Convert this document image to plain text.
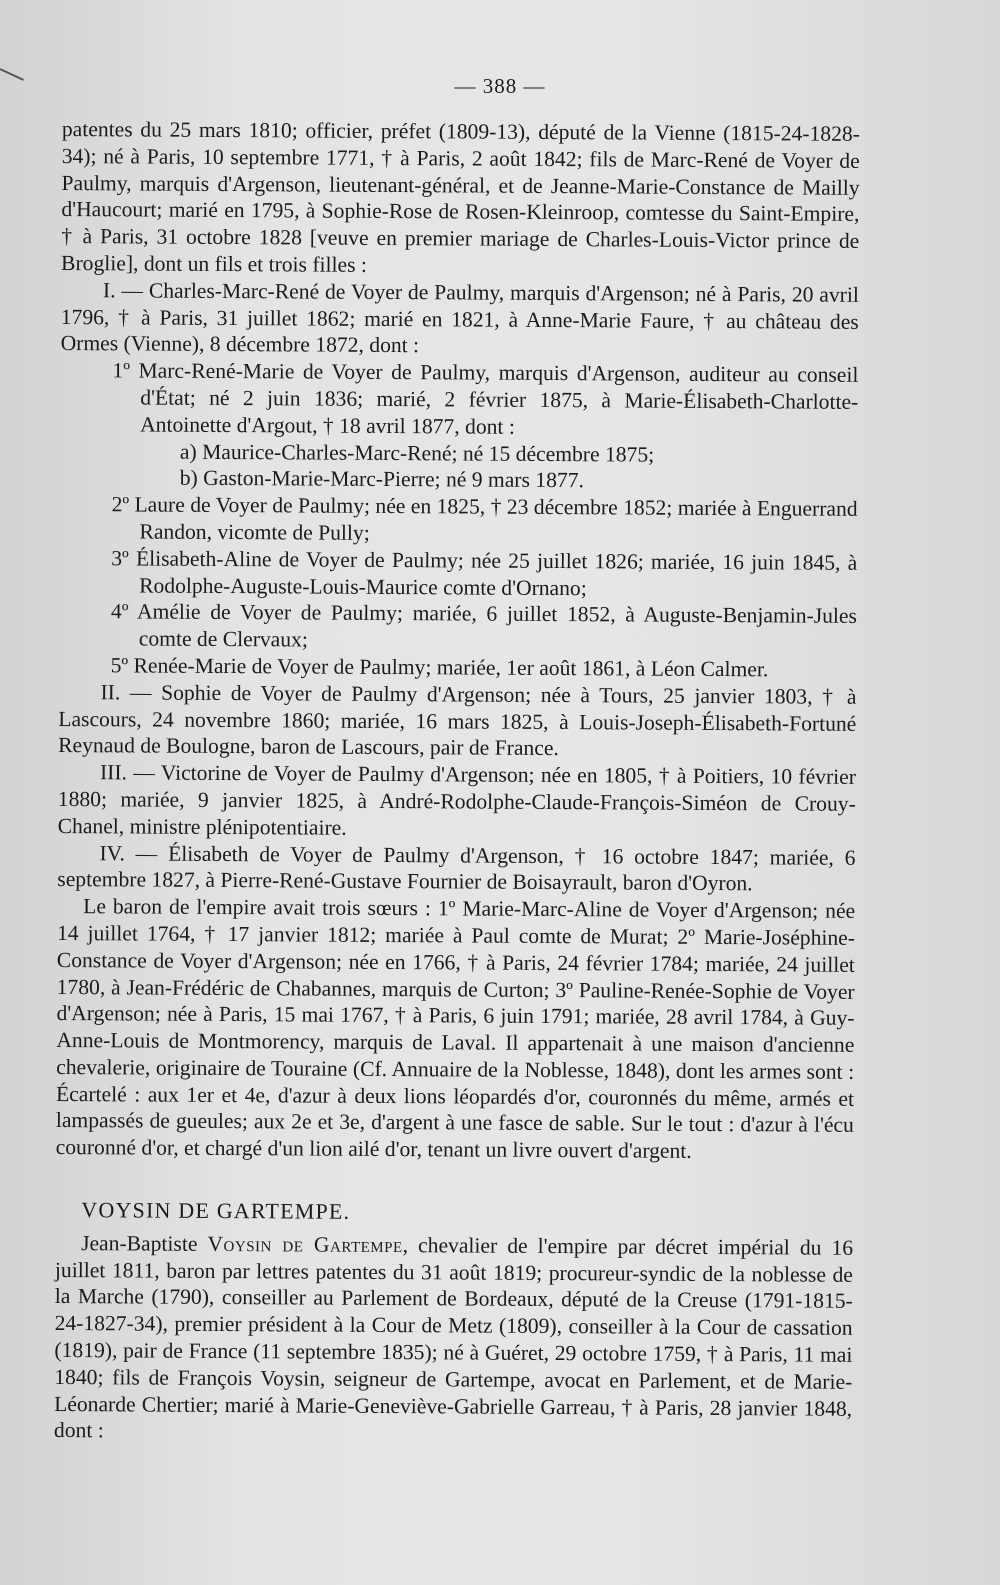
— 388 —

patentes du 25 mars 1810; officier, préfet (1809-13), député de la Vienne (1815-24-1828-34); né à Paris, 10 septembre 1771, † à Paris, 2 août 1842; fils de Marc-René de Voyer de Paulmy, marquis d'Argenson, lieutenant-général, et de Jeanne-Marie-Constance de Mailly d'Haucourt; marié en 1795, à Sophie-Rose de Rosen-Kleinroop, comtesse du Saint-Empire, † à Paris, 31 octobre 1828 [veuve en premier mariage de Charles-Louis-Victor prince de Broglie], dont un fils et trois filles :

I. — Charles-Marc-René de Voyer de Paulmy, marquis d'Argenson; né à Paris, 20 avril 1796, † à Paris, 31 juillet 1862; marié en 1821, à Anne-Marie Faure, † au château des Ormes (Vienne), 8 décembre 1872, dont :

1º Marc-René-Marie de Voyer de Paulmy, marquis d'Argenson, auditeur au conseil d'État; né 2 juin 1836; marié, 2 février 1875, à Marie-Élisabeth-Charlotte-Antoinette d'Argout, † 18 avril 1877, dont :

a) Maurice-Charles-Marc-René; né 15 décembre 1875;

b) Gaston-Marie-Marc-Pierre; né 9 mars 1877.

2º Laure de Voyer de Paulmy; née en 1825, † 23 décembre 1852; mariée à Enguerrand Randon, vicomte de Pully;

3º Élisabeth-Aline de Voyer de Paulmy; née 25 juillet 1826; mariée, 16 juin 1845, à Rodolphe-Auguste-Louis-Maurice comte d'Ornano;

4º Amélie de Voyer de Paulmy; mariée, 6 juillet 1852, à Auguste-Benjamin-Jules comte de Clervaux;

5º Renée-Marie de Voyer de Paulmy; mariée, 1er août 1861, à Léon Calmer.

II. — Sophie de Voyer de Paulmy d'Argenson; née à Tours, 25 janvier 1803, † à Lascours, 24 novembre 1860; mariée, 16 mars 1825, à Louis-Joseph-Élisabeth-Fortuné Reynaud de Boulogne, baron de Lascours, pair de France.

III. — Victorine de Voyer de Paulmy d'Argenson; née en 1805, † à Poitiers, 10 février 1880; mariée, 9 janvier 1825, à André-Rodolphe-Claude-François-Siméon de Crouy-Chanel, ministre plénipotentiaire.

IV. — Élisabeth de Voyer de Paulmy d'Argenson, † 16 octobre 1847; mariée, 6 septembre 1827, à Pierre-René-Gustave Fournier de Boisayrault, baron d'Oyron.

Le baron de l'empire avait trois sœurs : 1º Marie-Marc-Aline de Voyer d'Argenson; née 14 juillet 1764, † 17 janvier 1812; mariée à Paul comte de Murat; 2º Marie-Joséphine-Constance de Voyer d'Argenson; née en 1766, † à Paris, 24 février 1784; mariée, 24 juillet 1780, à Jean-Frédéric de Chabannes, marquis de Curton; 3º Pauline-Renée-Sophie de Voyer d'Argenson; née à Paris, 15 mai 1767, † à Paris, 6 juin 1791; mariée, 28 avril 1784, à Guy-Anne-Louis de Montmorency, marquis de Laval. Il appartenait à une maison d'ancienne chevalerie, originaire de Touraine (Cf. Annuaire de la Noblesse, 1848), dont les armes sont : Écartelé : aux 1er et 4e, d'azur à deux lions léopardés d'or, couronnés du même, armés et lampassés de gueules; aux 2e et 3e, d'argent à une fasce de sable. Sur le tout : d'azur à l'écu couronné d'or, et chargé d'un lion ailé d'or, tenant un livre ouvert d'argent.

VOYSIN DE GARTEMPE.

Jean-Baptiste Voysin de Gartempe, chevalier de l'empire par décret impérial du 16 juillet 1811, baron par lettres patentes du 31 août 1819; procureur-syndic de la noblesse de la Marche (1790), conseiller au Parlement de Bordeaux, député de la Creuse (1791-1815-24-1827-34), premier président à la Cour de Metz (1809), conseiller à la Cour de cassation (1819), pair de France (11 septembre 1835); né à Guéret, 29 octobre 1759, † à Paris, 11 mai 1840; fils de François Voysin, seigneur de Gartempe, avocat en Parlement, et de Marie-Léonarde Chertier; marié à Marie-Geneviève-Gabrielle Garreau, † à Paris, 28 janvier 1848, dont :
